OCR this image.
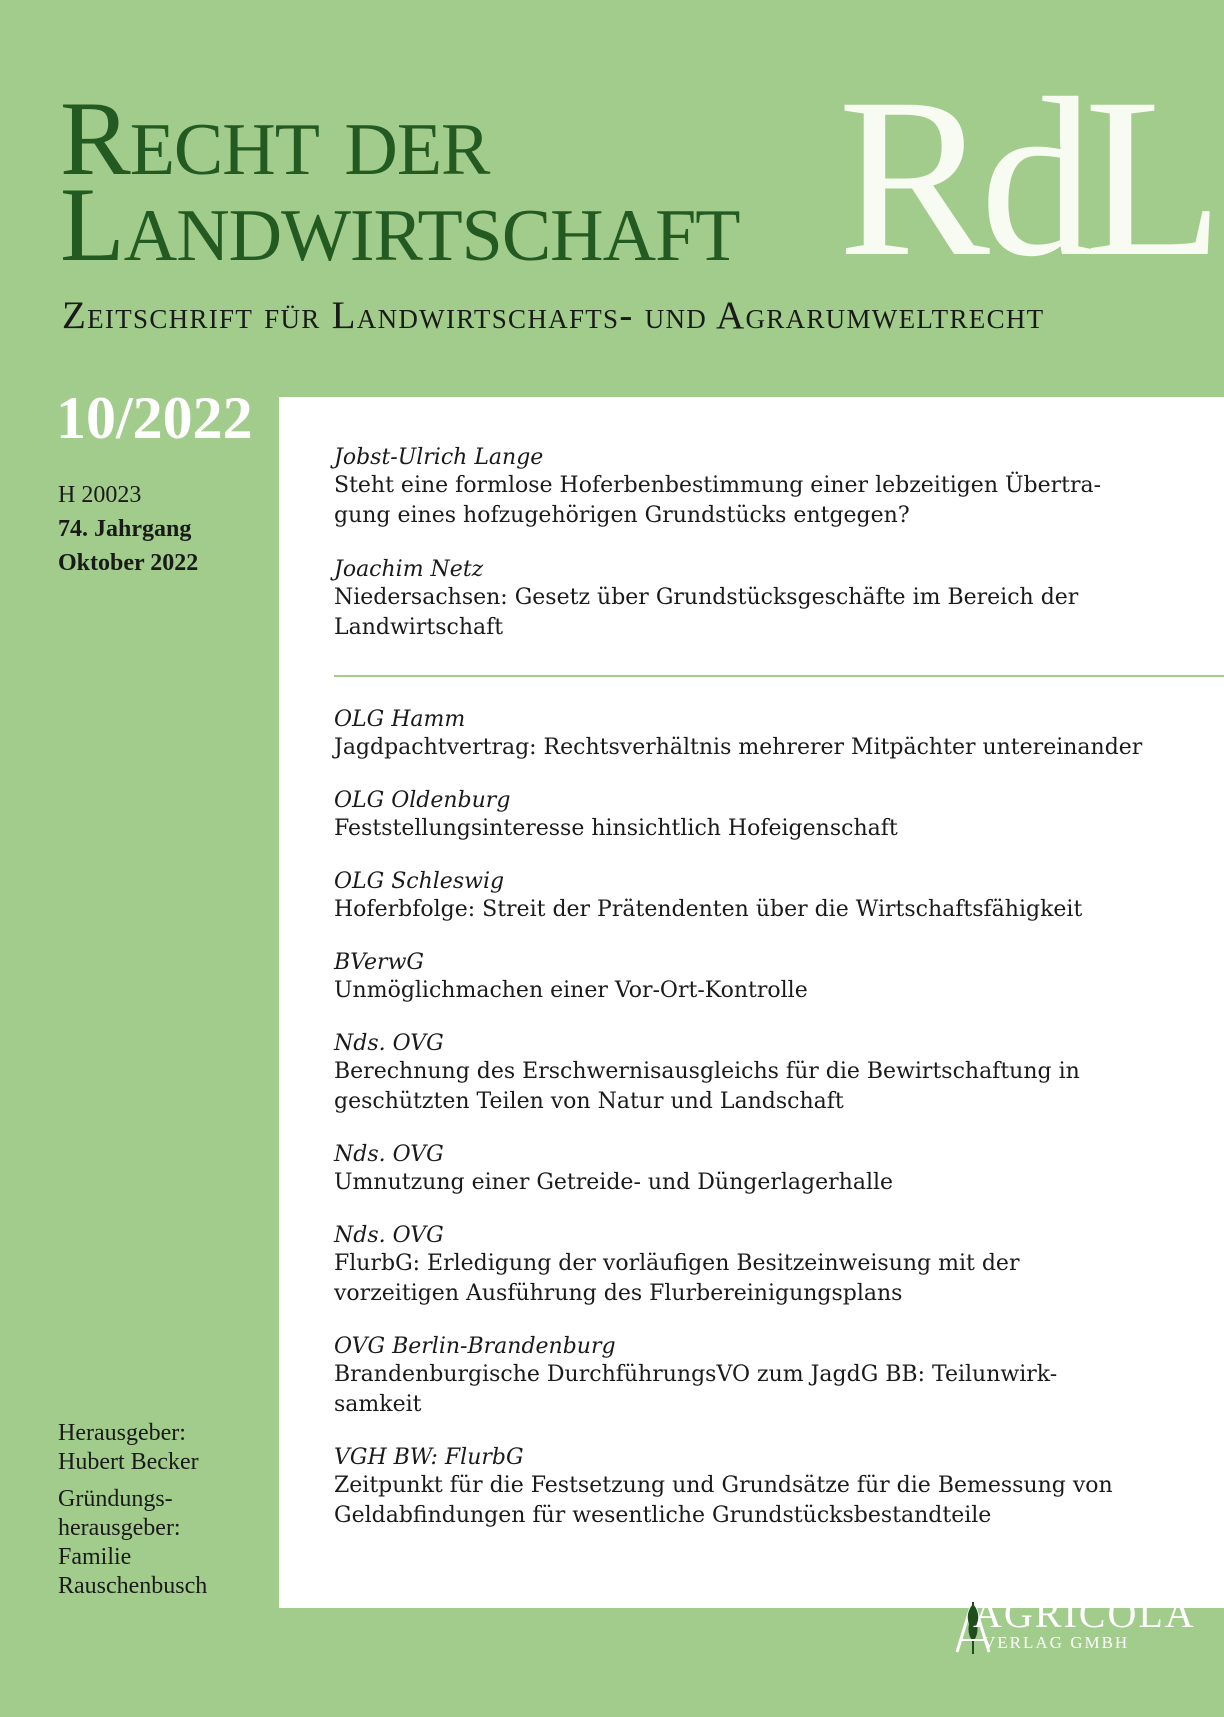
Recht der
Landwirtschaft RdL
Zeitschrift für Landwirtschafts- und Agrarumweltrecht
10/2022
H 20023
74. Jahrgang
Oktober 2022
Herausgeber:
Hubert Becker
Gründungs-
herausgeber:
Familie
Rauschenbusch
Jobst-Ulrich Lange
Steht eine formlose Hoferbenbestimmung einer lebzeitigen Übertra-
gung eines hofzugehörigen Grundstücks entgegen?
Joachim Netz
Niedersachsen: Gesetz über Grundstücksgeschäfte im Bereich der
Landwirtschaft
OLG Hamm
Jagdpachtvertrag: Rechtsverhältnis mehrerer Mitpächter untereinander
OLG Oldenburg
Feststellungsinteresse hinsichtlich Hofeigenschaft
OLG Schleswig
Hoferbfolge: Streit der Prätendenten über die Wirtschaftsfähigkeit
BVerwG
Unmöglichmachen einer Vor-Ort-Kontrolle
Nds. OVG
Berechnung des Erschwernisausgleichs für die Bewirtschaftung in
geschützten Teilen von Natur und Landschaft
Nds. OVG
Umnutzung einer Getreide- und Düngerlagerhalle
Nds. OVG
FlurbG: Erledigung der vorläufigen Besitzeinweisung mit der
vorzeitigen Ausführung des Flurbereinigungsplans
OVG Berlin-Brandenburg
Brandenburgische DurchführungsVO zum JagdG BB: Teilunwirk-
samkeit
VGH BW: FlurbG
Zeitpunkt für die Festsetzung und Grundsätze für die Bemessung von
Geldabfindungen für wesentliche Grundstücksbestandteile
AGRICOLA
VERLAG GMBH
